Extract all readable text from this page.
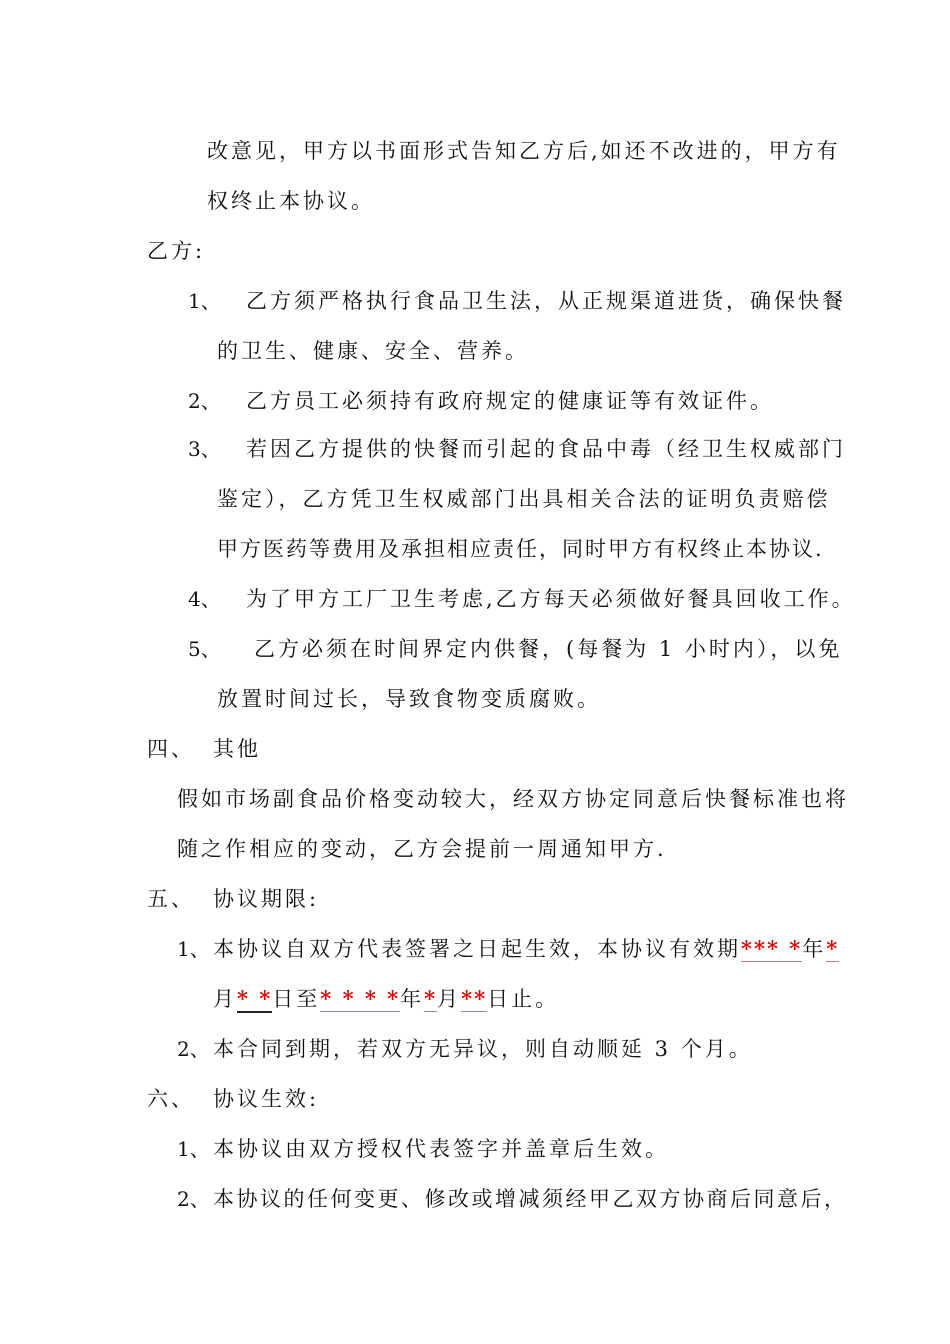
改意见，甲方以书面形式告知乙方后,如还不改进的，甲方有
权终止本协议。
乙方:
1、 乙方须严格执行食品卫生法，从正规渠道进货，确保快餐
的卫生、健康、安全、营养。
2、 乙方员工必须持有政府规定的健康证等有效证件。
3、 若因乙方提供的快餐而引起的食品中毒（经卫生权威部门
鉴定），乙方凭卫生权威部门出具相关合法的证明负责赔偿
甲方医药等费用及承担相应责任，同时甲方有权终止本协议.
4、 为了甲方工厂卫生考虑,乙方每天必须做好餐具回收工作。
5、 乙方必须在时间界定内供餐，(每餐为 1 小时内），以免
放置时间过长，导致食物变质腐败。
四、 其他
假如市场副食品价格变动较大，经双方协定同意后快餐标准也将
随之作相应的变动，乙方会提前一周通知甲方.
五、 协议期限:
1、 本协议自双方代表签署之日起生效，本协议有效期*** *年*
月* *日至* * * *年*月**日止。
2、 本合同到期，若双方无异议，则自动顺延 3 个月。
六、 协议生效:
1、 本协议由双方授权代表签字并盖章后生效。
2、 本协议的任何变更、修改或增减须经甲乙双方协商后同意后，
